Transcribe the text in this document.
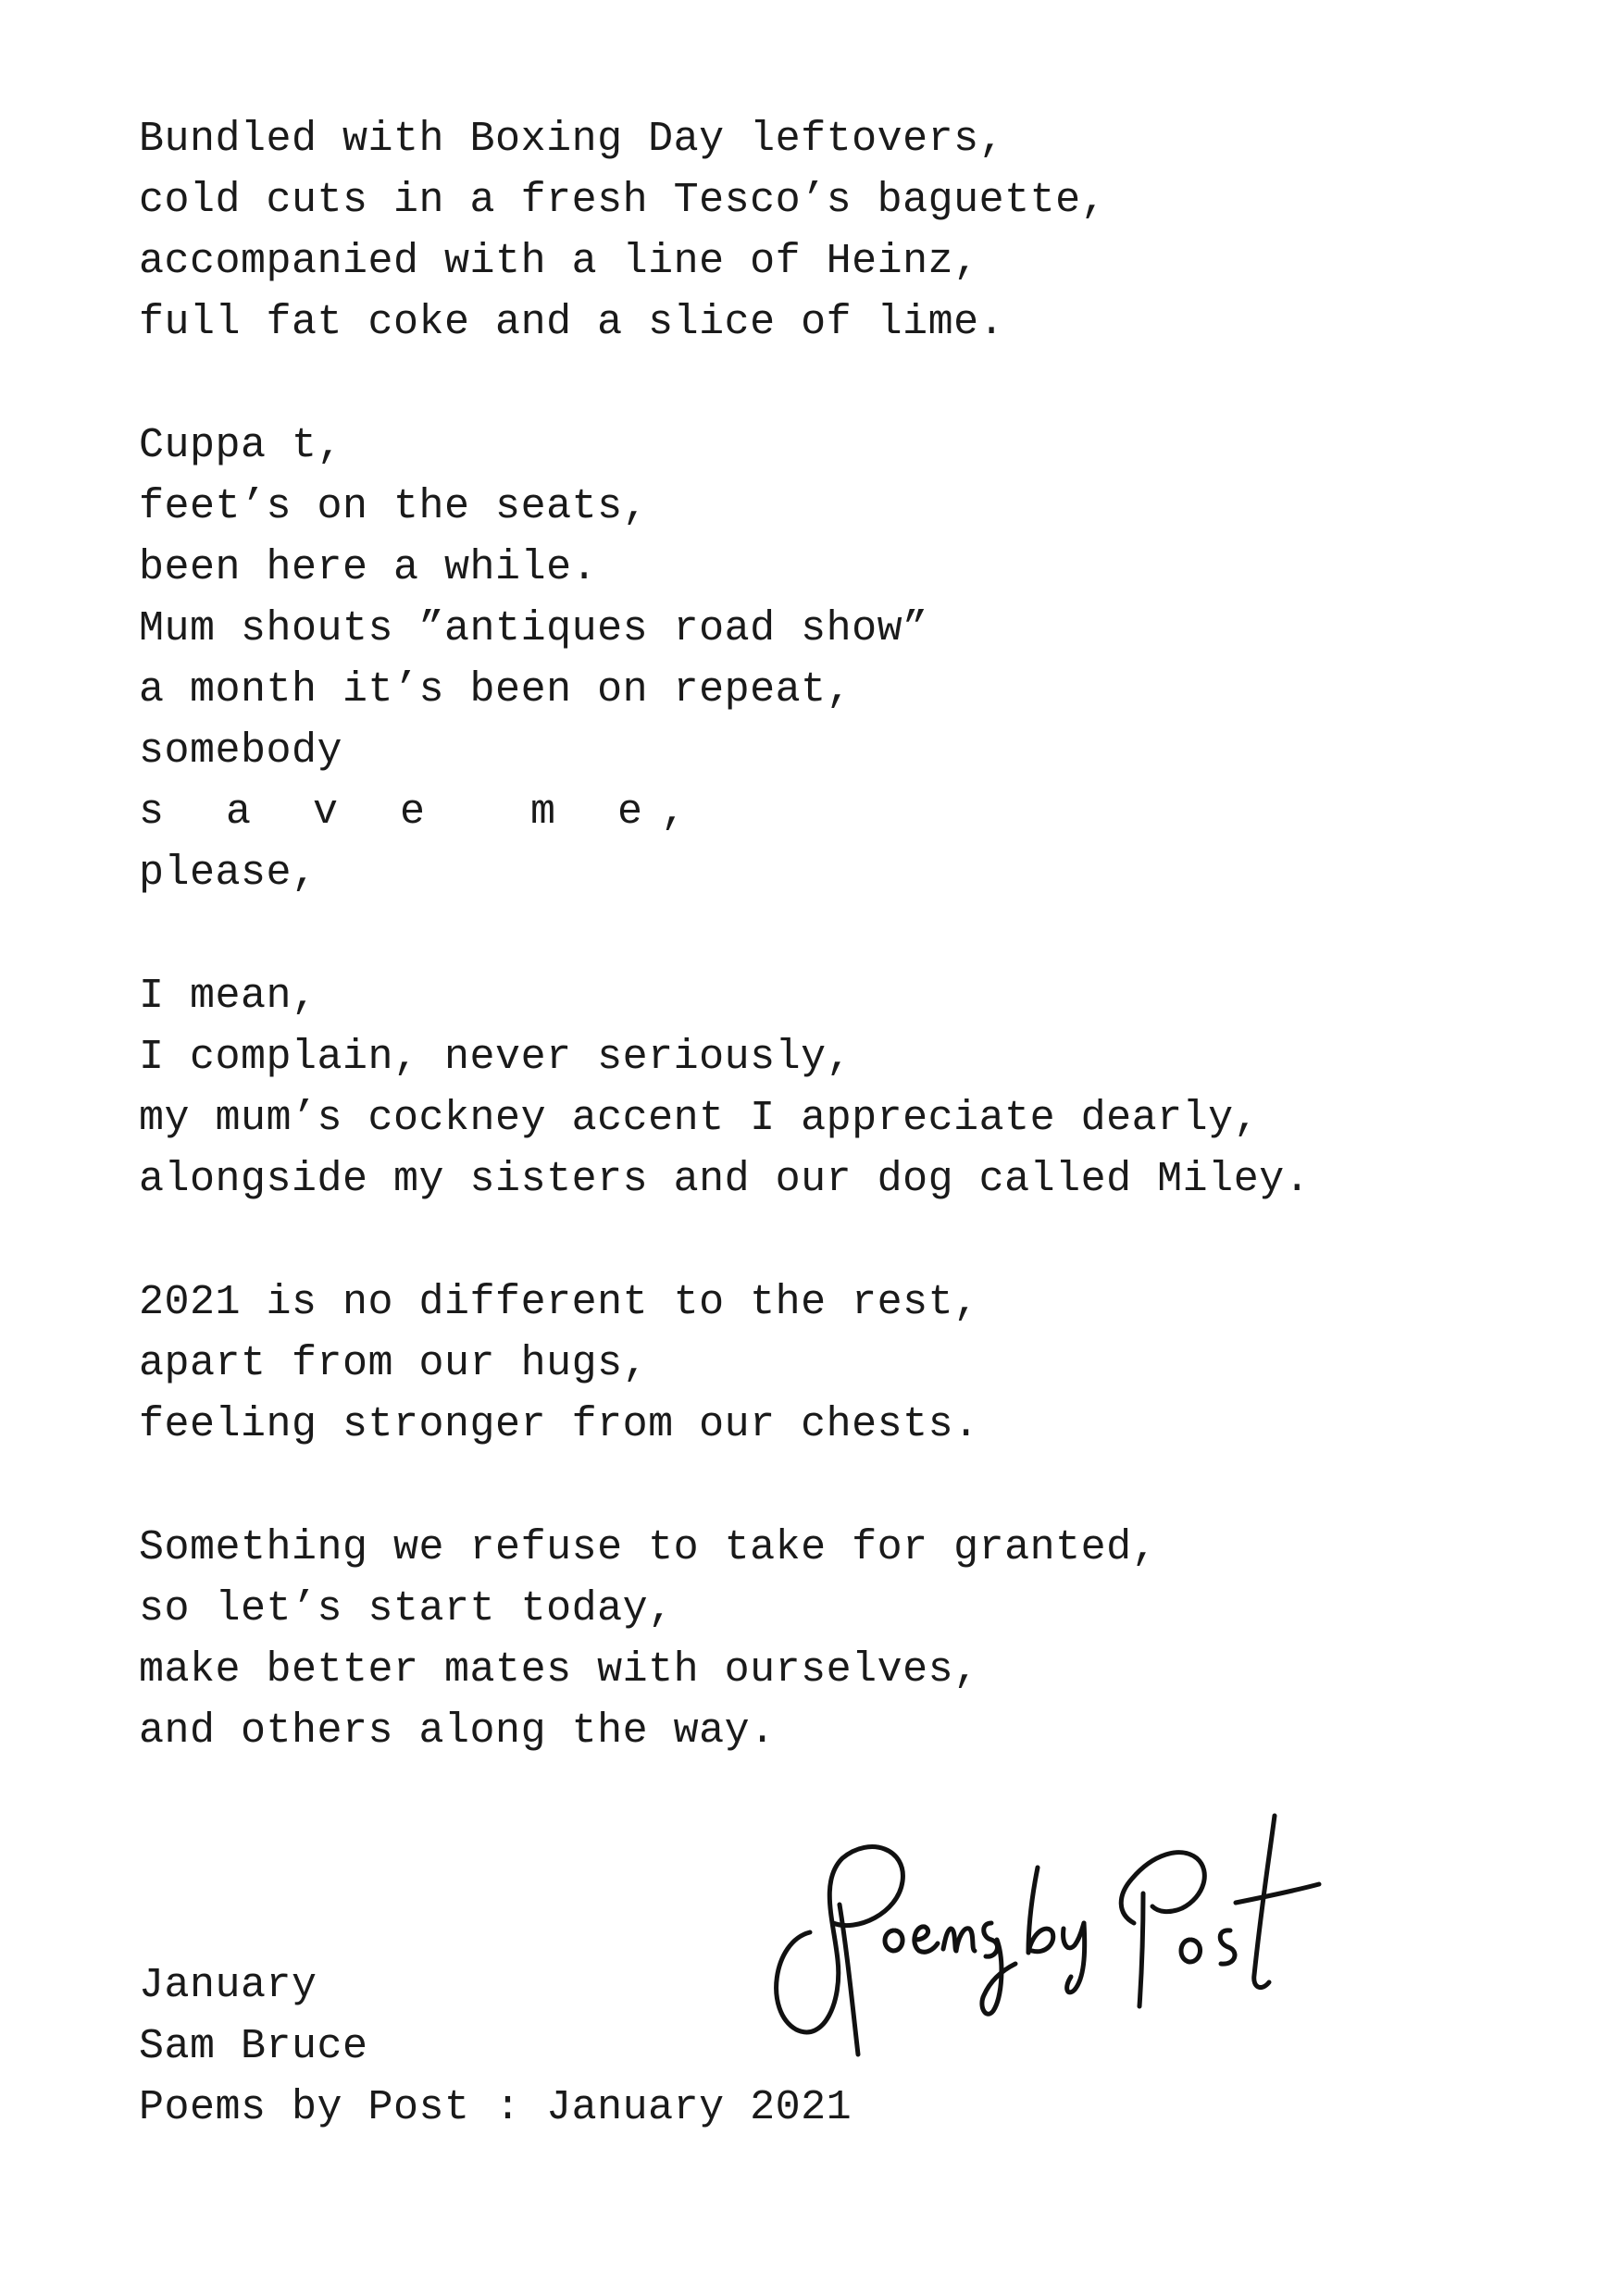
Bundled with Boxing Day leftovers,
cold cuts in a fresh Tesco’s baguette,
accompanied with a line of Heinz,
full fat coke and a slice of lime.
Cuppa t,
feet’s on the seats,
been here a while.
Mum shouts ”antiques road show”
a month it’s been on repeat,
somebody
s a v e  m e,
please,
I mean,
I complain, never seriously,
my mum’s cockney accent I appreciate dearly,
alongside my sisters and our dog called Miley.
2021 is no different to the rest,
apart from our hugs,
feeling stronger from our chests.
Something we refuse to take for granted,
so let’s start today,
make better mates with ourselves,
and others along the way.
January
Sam Bruce
Poems by Post : January 2021
